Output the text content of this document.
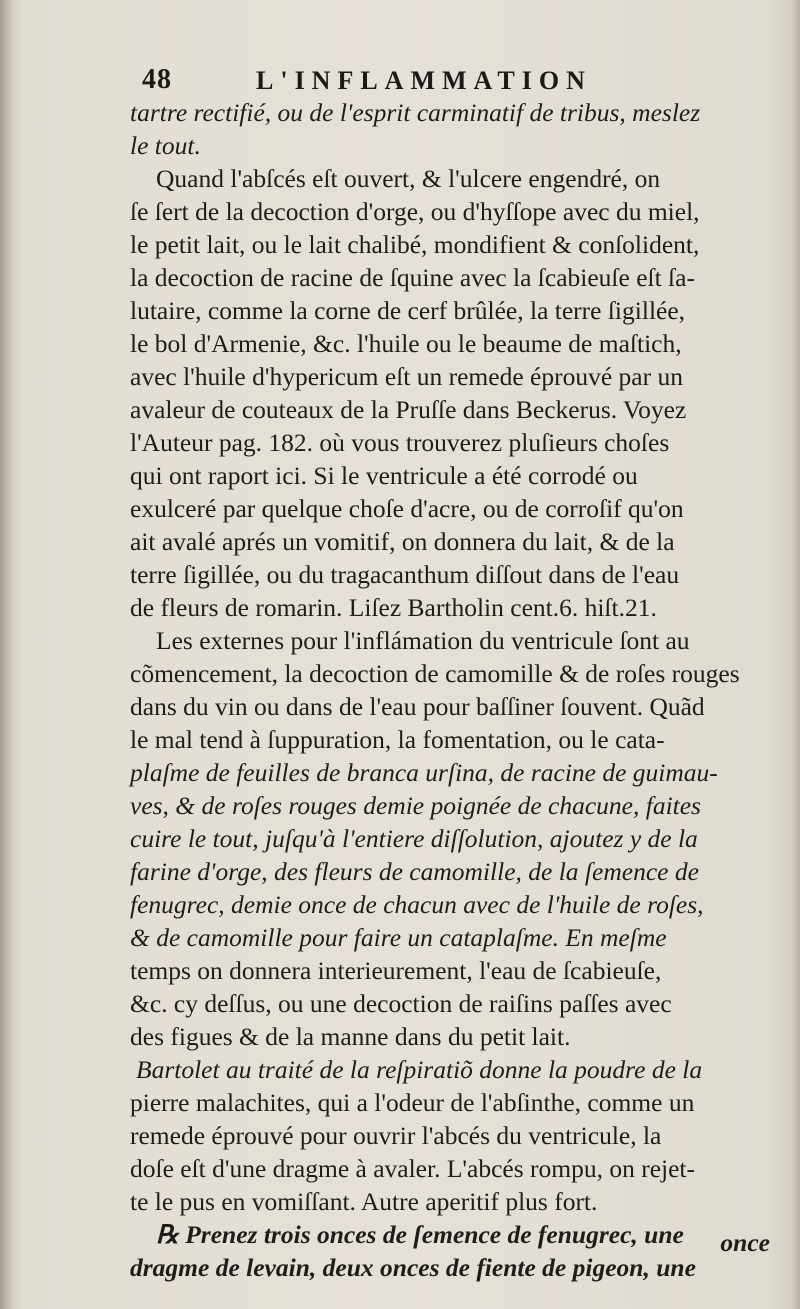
48	L'INFLAMMATION
tartre rectifié, ou de l'esprit carminatif de tribus, meslez
le tout.
Quand l'abſcés eſt ouvert, & l'ulcere engendré, on
ſe ſert de la decoction d'orge, ou d'hyſſope avec du miel,
le petit lait, ou le lait chalibé, mondifient & conſolident,
la decoction de racine de ſquine avec la ſcabieuſe eſt ſa-
lutaire, comme la corne de cerf brûlée, la terre ſigillée,
le bol d'Armenie, &c. l'huile ou le beaume de maſtich,
avec l'huile d'hypericum eſt un remede éprouvé par un
avaleur de couteaux de la Pruſſe dans Beckerus. Voyez
l'Auteur pag. 182. où vous trouverez pluſieurs choſes
qui ont raport ici. Si le ventricule a été corrodé ou
exulceré par quelque choſe d'acre, ou de corroſif qu'on
ait avalé aprés un vomitif, on donnera du lait, & de la
terre ſigillée, ou du tragacanthum diſſout dans de l'eau
de fleurs de romarin. Liſez Bartholin cent.6. hiſt.21.
Les externes pour l'inflámation du ventricule ſont au
cõmencement, la decoction de camomille & de roſes rouges
dans du vin ou dans de l'eau pour baſſiner ſouvent. Quãd
le mal tend à ſuppuration, la fomentation, ou le cata-
plaſme de feuilles de branca urſina, de racine de guimau-
ves, & de roſes rouges demie poignée de chacune, faites
cuire le tout, juſqu'à l'entiere diſſolution, ajoutez y de la
farine d'orge, des fleurs de camomille, de la ſemence de
fenugrec, demie once de chacun avec de l'huile de roſes,
& de camomille pour faire un cataplaſme. En meſme
temps on donnera interieurement, l'eau de ſcabieuſe,
&c. cy deſſus, ou une decoction de raiſins paſſes avec
des figues & de la manne dans du petit lait.
Bartolet au traité de la reſpiratiõ donne la poudre de la
pierre malachites, qui a l'odeur de l'abſinthe, comme un
remede éprouvé pour ouvrir l'abcés du ventricule, la
doſe eſt d'une dragme à avaler. L'abcés rompu, on rejet-
te le pus en vomiſſant. Autre aperitif plus fort.
℞ Prenez trois onces de ſemence de fenugrec, une
dragme de levain, deux onces de fiente de pigeon, une
once
